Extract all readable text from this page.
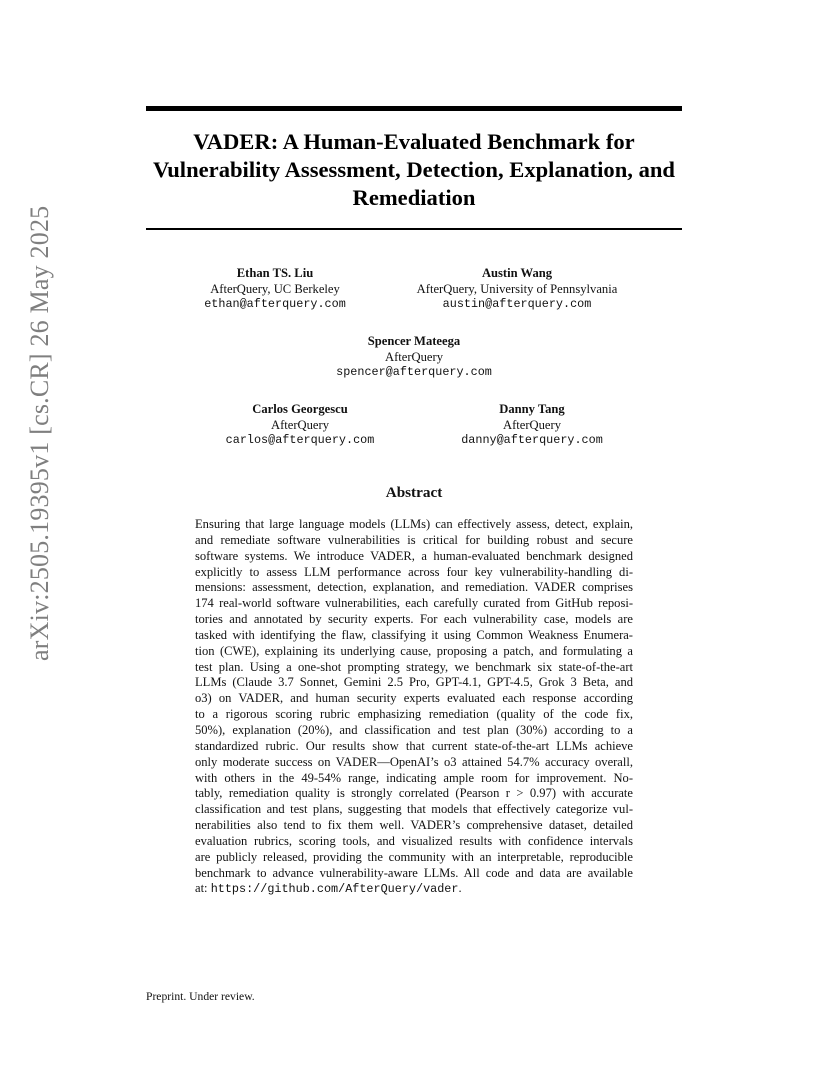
arXiv:2505.19395v1 [cs.CR] 26 May 2025
VADER: A Human-Evaluated Benchmark for
Vulnerability Assessment, Detection, Explanation, and
Remediation
Ethan TS. Liu
AfterQuery, UC Berkeley
ethan@afterquery.com
Austin Wang
AfterQuery, University of Pennsylvania
austin@afterquery.com
Spencer Mateega
AfterQuery
spencer@afterquery.com
Carlos Georgescu
AfterQuery
carlos@afterquery.com
Danny Tang
AfterQuery
danny@afterquery.com
Abstract
Ensuring that large language models (LLMs) can effectively assess, detect, explain,
and remediate software vulnerabilities is critical for building robust and secure
software systems. We introduce VADER, a human-evaluated benchmark designed
explicitly to assess LLM performance across four key vulnerability-handling di-
mensions: assessment, detection, explanation, and remediation. VADER comprises
174 real-world software vulnerabilities, each carefully curated from GitHub reposi-
tories and annotated by security experts. For each vulnerability case, models are
tasked with identifying the flaw, classifying it using Common Weakness Enumera-
tion (CWE), explaining its underlying cause, proposing a patch, and formulating a
test plan. Using a one-shot prompting strategy, we benchmark six state-of-the-art
LLMs (Claude 3.7 Sonnet, Gemini 2.5 Pro, GPT-4.1, GPT-4.5, Grok 3 Beta, and
o3) on VADER, and human security experts evaluated each response according
to a rigorous scoring rubric emphasizing remediation (quality of the code fix,
50%), explanation (20%), and classification and test plan (30%) according to a
standardized rubric. Our results show that current state-of-the-art LLMs achieve
only moderate success on VADER—OpenAI’s o3 attained 54.7% accuracy overall,
with others in the 49-54% range, indicating ample room for improvement. No-
tably, remediation quality is strongly correlated (Pearson r > 0.97) with accurate
classification and test plans, suggesting that models that effectively categorize vul-
nerabilities also tend to fix them well. VADER’s comprehensive dataset, detailed
evaluation rubrics, scoring tools, and visualized results with confidence intervals
are publicly released, providing the community with an interpretable, reproducible
benchmark to advance vulnerability-aware LLMs. All code and data are available
at: https://github.com/AfterQuery/vader.

Preprint. Under review.
